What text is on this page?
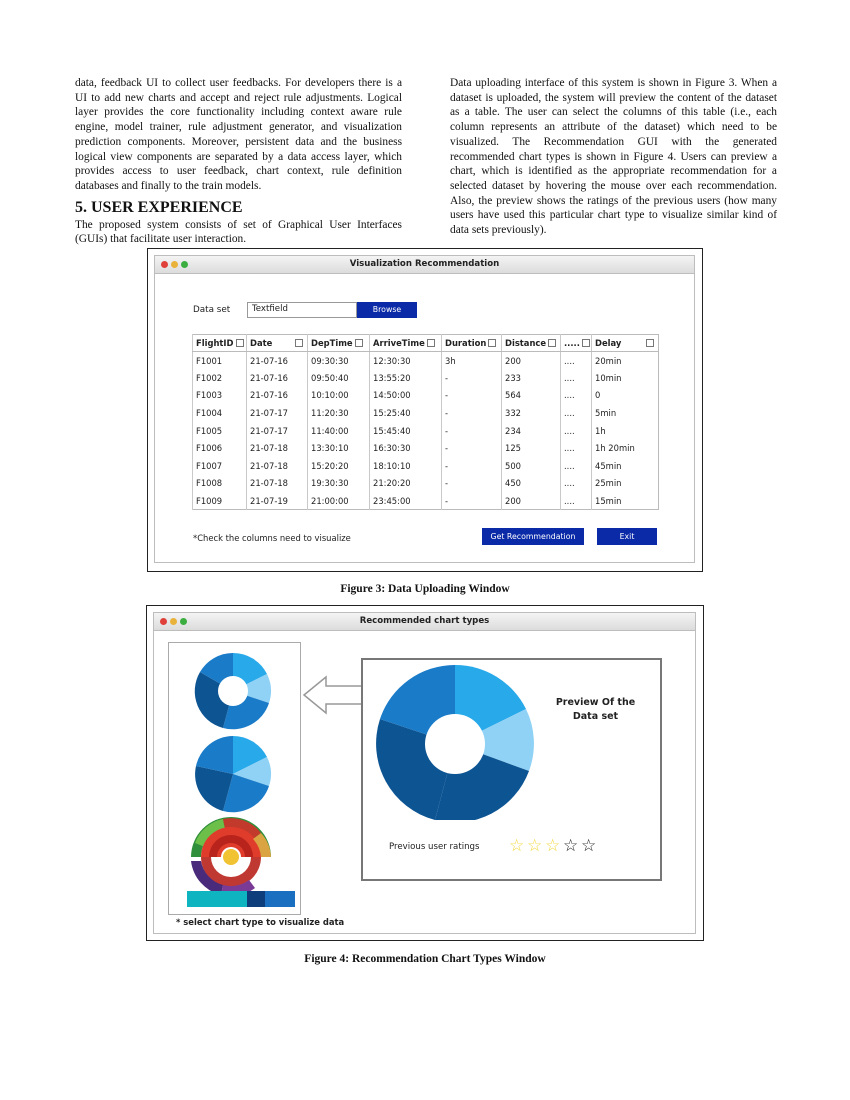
data, feedback UI to collect user feedbacks. For developers there is a UI to add new charts and accept and reject rule adjustments. Logical layer provides the core functionality including context aware rule engine, model trainer, rule adjustment generator, and visualization prediction components. Moreover, persistent data and the business logical view components are separated by a data access layer, which provides access to user feedback, chart context, rule definition databases and finally to the train models.

5. USER EXPERIENCE

The proposed system consists of set of Graphical User Interfaces (GUIs) that facilitate user interaction.

Data uploading interface of this system is shown in Figure 3. When a dataset is uploaded, the system will preview the content of the dataset as a table. The user can select the columns of this table (i.e., each column represents an attribute of the dataset) which need to be visualized. The Recommendation GUI with the generated recommended chart types is shown in Figure 4. Users can preview a chart, which is identified as the appropriate recommendation for a selected dataset by hovering the mouse over each recommendation. Also, the preview shows the ratings of the previous users (how many users have used this particular chart type to visualize similar kind of data sets previously).

Visualization Recommendation
Data set	Textfield	Browse
FlightID	Date	DepTime	ArriveTime	Duration	Distance	.....	Delay

F1001	21-07-16	09:30:30	12:30:30	3h	200	....	20min
F1002	21-07-16	09:50:40	13:55:20	-	233	....	10min
F1003	21-07-16	10:10:00	14:50:00	-	564	....	0
F1004	21-07-17	11:20:30	15:25:40	-	332	....	5min
F1005	21-07-17	11:40:00	15:45:40	-	234	....	1h
F1006	21-07-18	13:30:10	16:30:30	-	125	....	1h 20min
F1007	21-07-18	15:20:20	18:10:10	-	500	....	45min
F1008	21-07-18	19:30:30	21:20:20	-	450	....	25min
F1009	21-07-19	21:00:00	23:45:00	-	200	....	15min
*Check the columns need to visualize	Get Recommendation	Exit
Figure 3: Data Uploading Window
Recommended chart types
Preview Of the
Data set
Previous user ratings ☆ ☆ ☆ ☆ ☆
* select chart type to visualize data
Figure 4: Recommendation Chart Types Window
